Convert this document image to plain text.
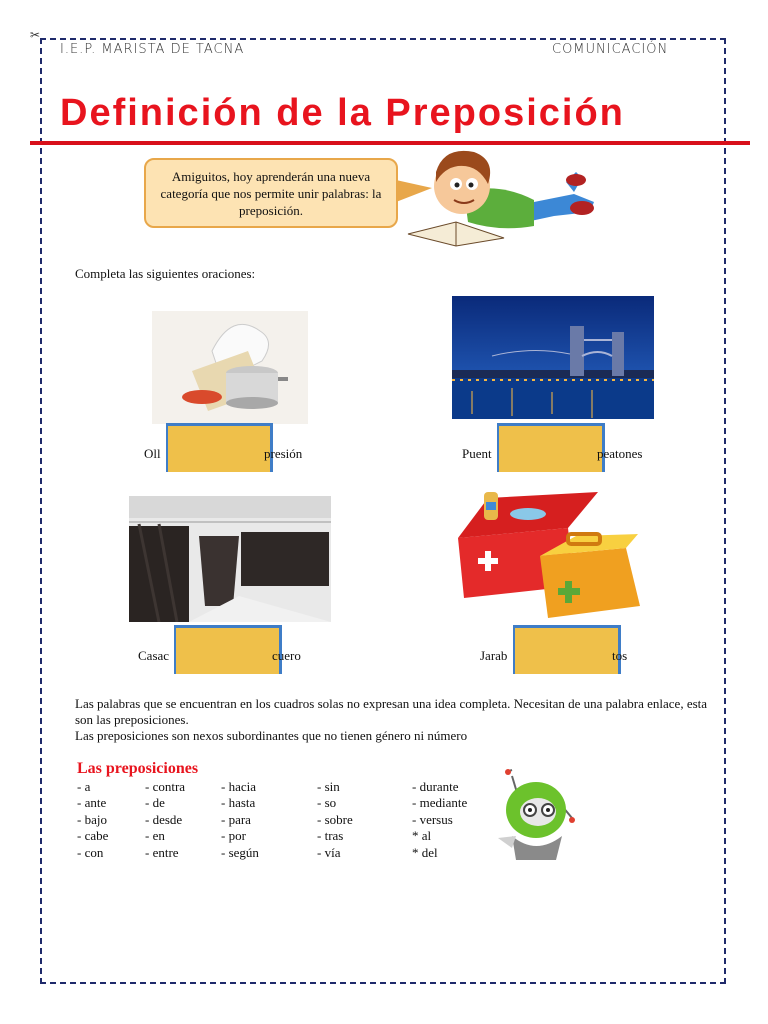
✂
I.E.P. MARISTA DE TACNA	COMUNICACIÓN
Definición de la Preposición
Amiguitos, hoy aprenderán una nueva categoría que nos permite unir palabras: la preposición.
Completa las siguientes oraciones:
Oll	presión	Puent	peatones
Casac	cuero	Jarab	tos
Las palabras que se encuentran en los cuadros solas no expresan una idea completa. Necesitan de una palabra enlace, esta son las preposiciones.
Las preposiciones son nexos subordinantes que no tienen género ni número
Las preposiciones
- a
- ante
- bajo
- cabe
- con
- contra
- de
- desde
- en
- entre
- hacia
- hasta
- para
- por
- según
- sin
- so
- sobre
- tras
- vía
- durante
- mediante
- versus
* al
* del
